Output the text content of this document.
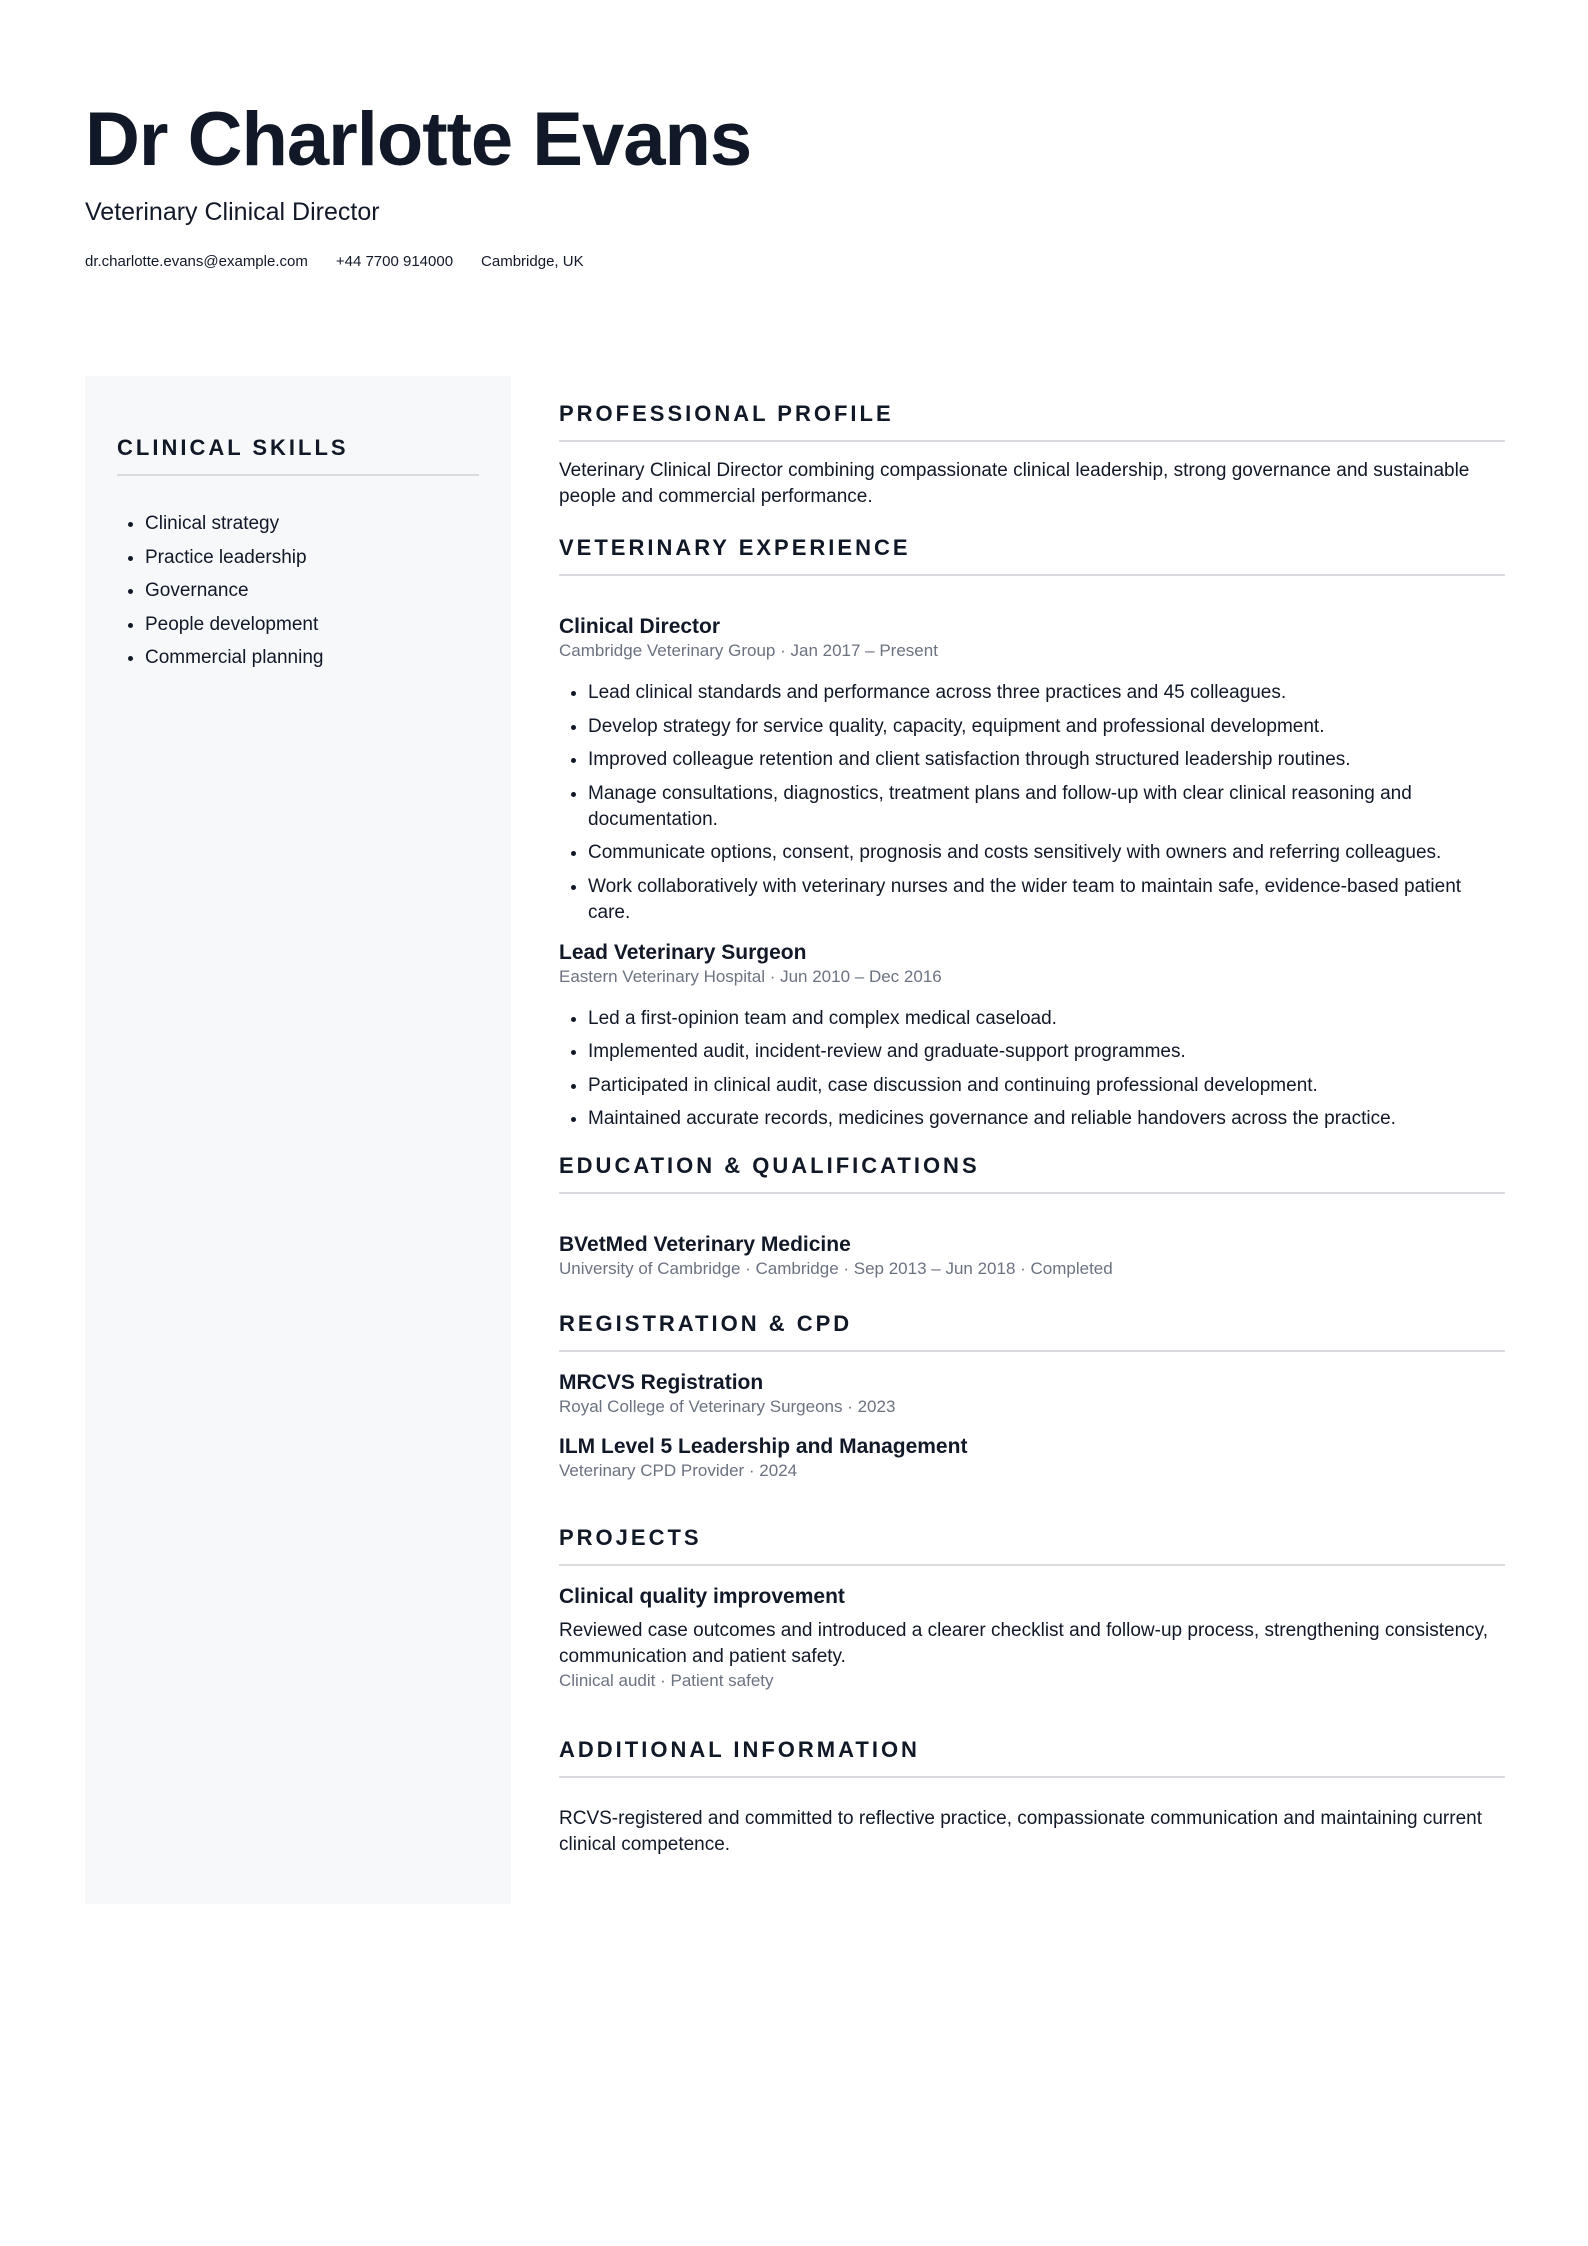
Dr Charlotte Evans
Veterinary Clinical Director
dr.charlotte.evans@example.com +44 7700 914000 Cambridge, UK
CLINICAL SKILLS
• Clinical strategy
• Practice leadership
• Governance
• People development
• Commercial planning
PROFESSIONAL PROFILE
Veterinary Clinical Director combining compassionate clinical leadership, strong governance and sustainable people and commercial performance.
VETERINARY EXPERIENCE
Clinical Director
Cambridge Veterinary Group · Jan 2017 – Present
• Lead clinical standards and performance across three practices and 45 colleagues.
• Develop strategy for service quality, capacity, equipment and professional development.
• Improved colleague retention and client satisfaction through structured leadership routines.
• Manage consultations, diagnostics, treatment plans and follow-up with clear clinical reasoning and documentation.
• Communicate options, consent, prognosis and costs sensitively with owners and referring colleagues.
• Work collaboratively with veterinary nurses and the wider team to maintain safe, evidence-based patient care.
Lead Veterinary Surgeon
Eastern Veterinary Hospital · Jun 2010 – Dec 2016
• Led a first-opinion team and complex medical caseload.
• Implemented audit, incident-review and graduate-support programmes.
• Participated in clinical audit, case discussion and continuing professional development.
• Maintained accurate records, medicines governance and reliable handovers across the practice.
EDUCATION & QUALIFICATIONS
BVetMed Veterinary Medicine
University of Cambridge · Cambridge · Sep 2013 – Jun 2018 · Completed
REGISTRATION & CPD
MRCVS Registration
Royal College of Veterinary Surgeons · 2023
ILM Level 5 Leadership and Management
Veterinary CPD Provider · 2024
PROJECTS
Clinical quality improvement
Reviewed case outcomes and introduced a clearer checklist and follow-up process, strengthening consistency, communication and patient safety.
Clinical audit · Patient safety
ADDITIONAL INFORMATION
RCVS-registered and committed to reflective practice, compassionate communication and maintaining current clinical competence.
